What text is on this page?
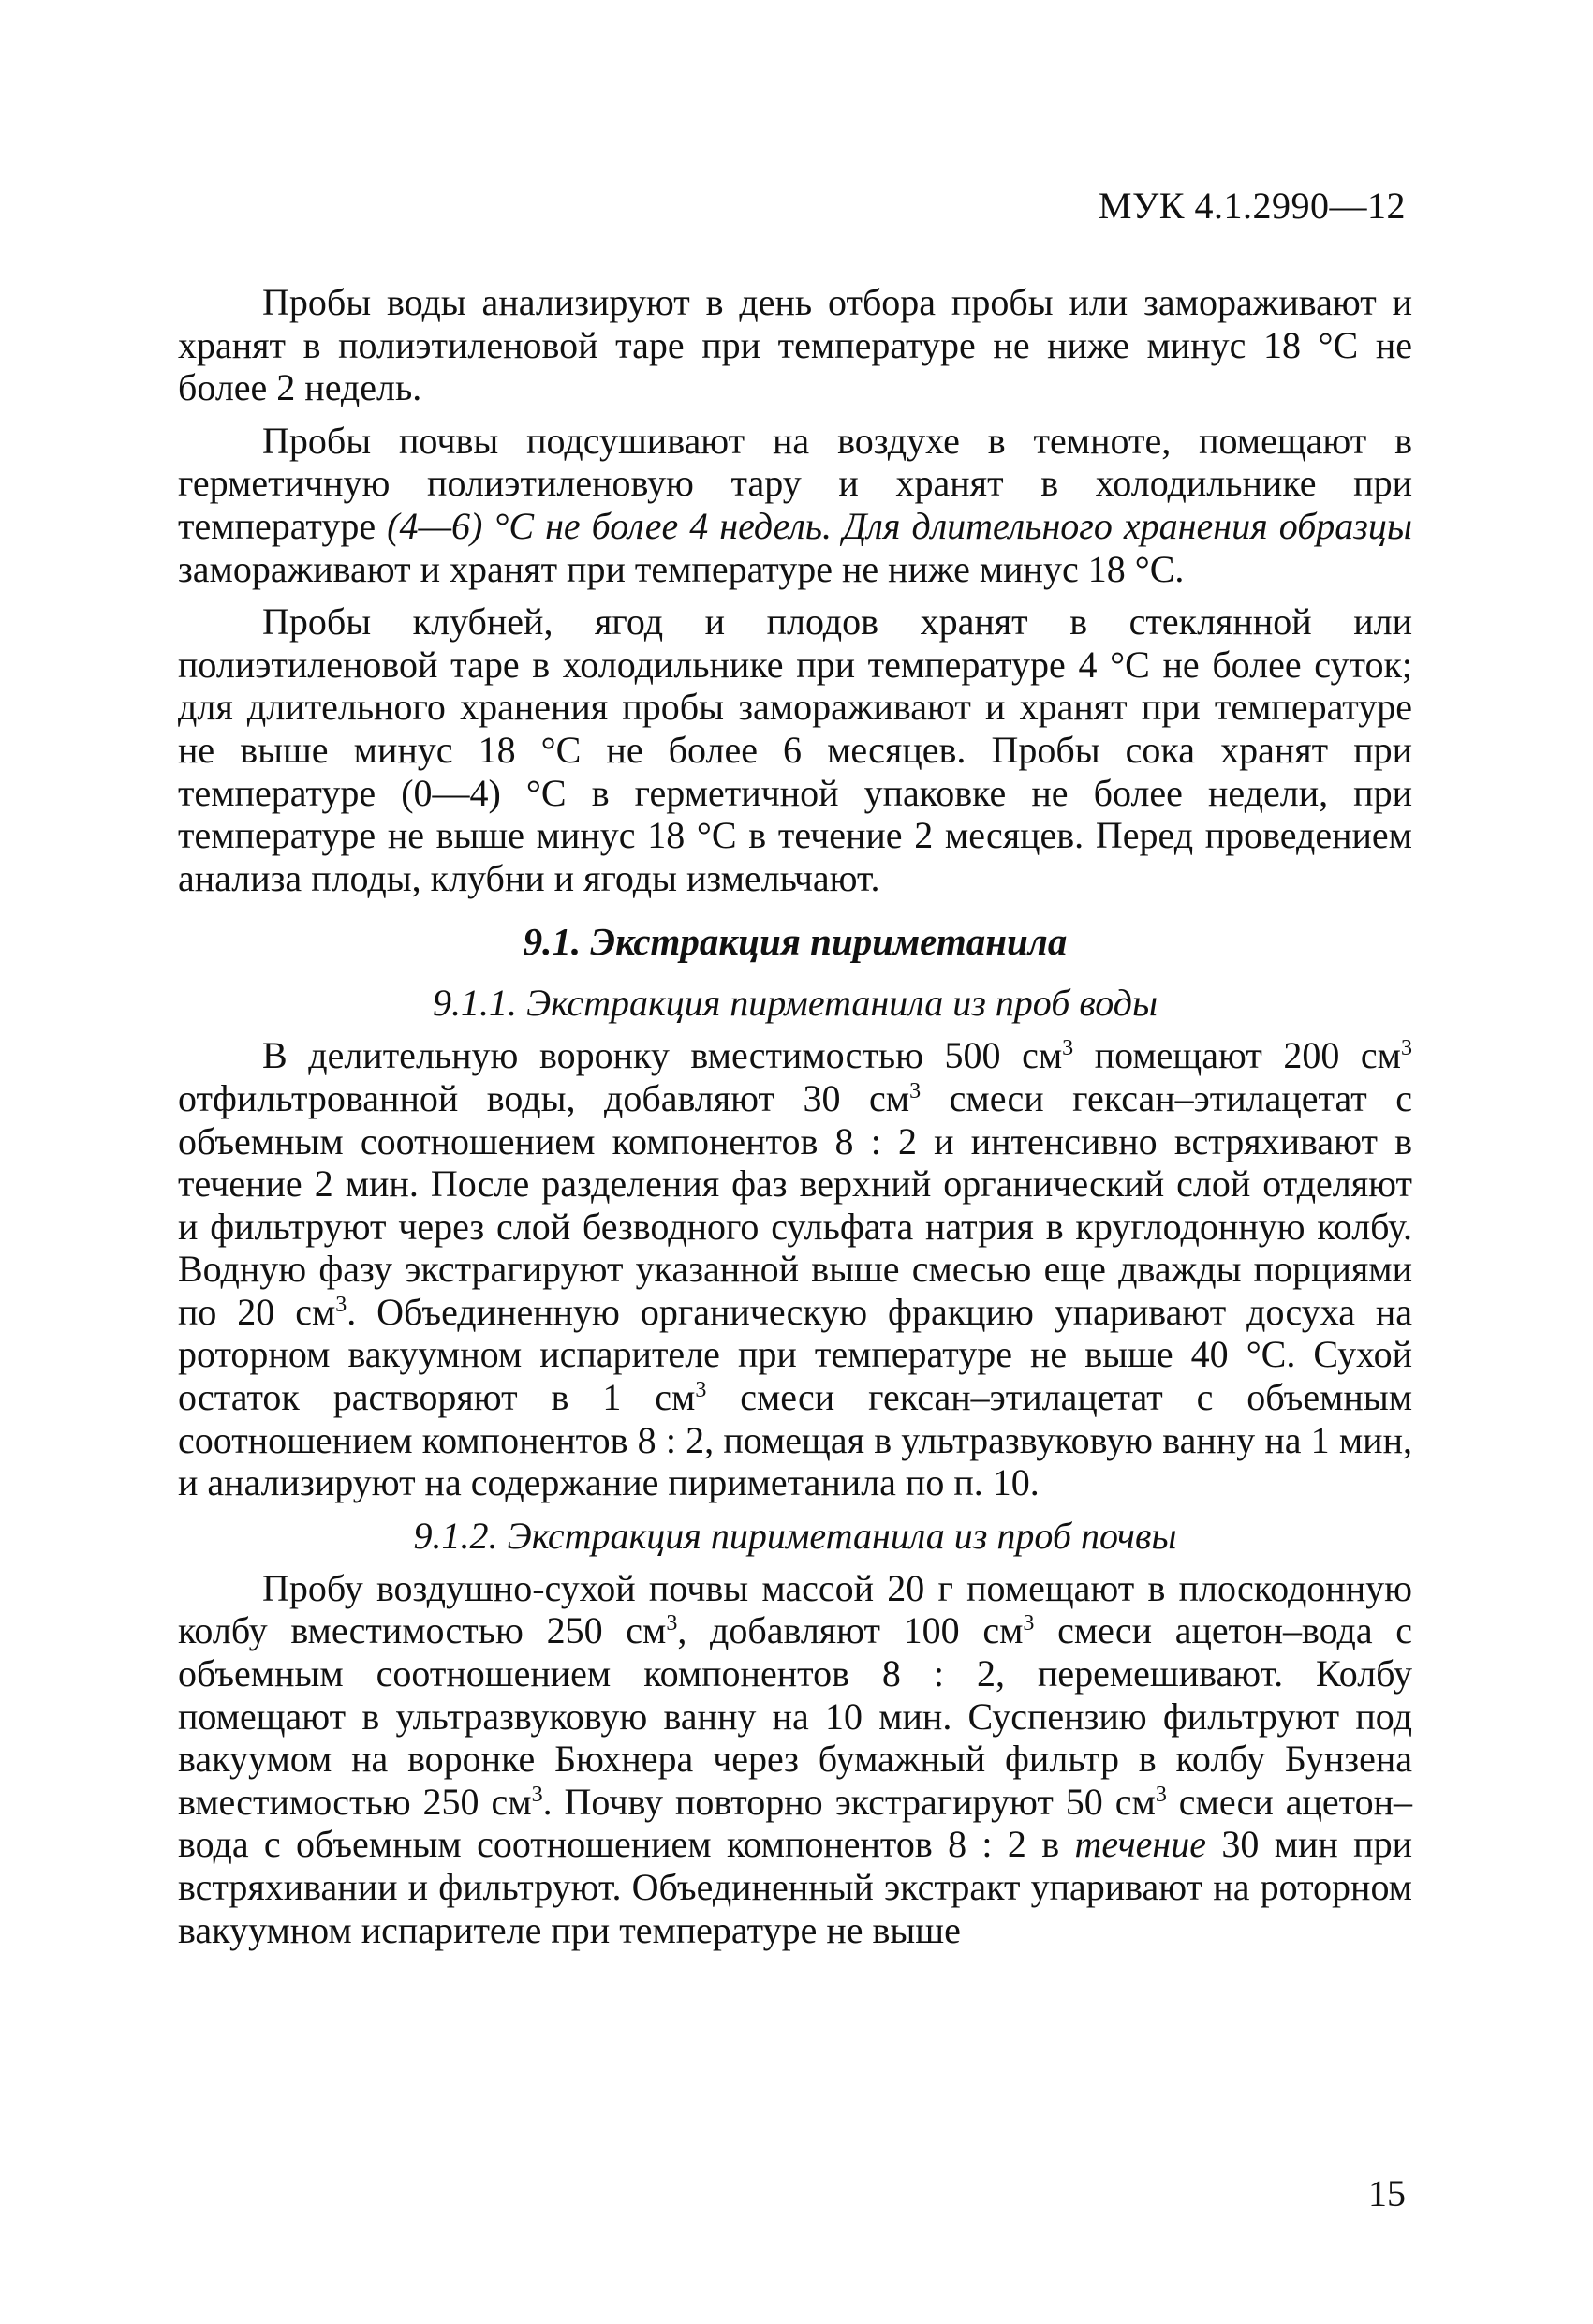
МУК 4.1.2990—12

Пробы воды анализируют в день отбора пробы или замораживают и хранят в полиэтиленовой таре при температуре не ниже минус 18 °С не более 2 недель.

Пробы почвы подсушивают на воздухе в темноте, помещают в герметичную полиэтиленовую тару и хранят в холодильнике при температуре (4—6) °С не более 4 недель. Для длительного хранения образцы замораживают и хранят при температуре не ниже минус 18 °С.

Пробы клубней, ягод и плодов хранят в стеклянной или полиэтиленовой таре в холодильнике при температуре 4 °С не более суток; для длительного хранения пробы замораживают и хранят при температуре не выше минус 18 °С не более 6 месяцев. Пробы сока хранят при температуре (0—4) °С в герметичной упаковке не более недели, при температуре не выше минус 18 °С в течение 2 месяцев. Перед проведением анализа плоды, клубни и ягоды измельчают.

9.1. Экстракция пириметанила
9.1.1. Экстракция пирметанила из проб воды

В делительную воронку вместимостью 500 $см^3$ помещают 200 $см^3$ отфильтрованной воды, добавляют 30 $см^3$ смеси гексан–этилацетат с объемным соотношением компонентов 8 : 2 и интенсивно встряхивают в течение 2 мин. После разделения фаз верхний органический слой отделяют и фильтруют через слой безводного сульфата натрия в круглодонную колбу. Водную фазу экстрагируют указанной выше смесью еще дважды порциями по 20 $см^3$. Объединенную органическую фракцию упаривают досуха на роторном вакуумном испарителе при температуре не выше 40 °С. Сухой остаток растворяют в 1 $см^3$ смеси гексан–этилацетат с объемным соотношением компонентов 8 : 2, помещая в ультразвуковую ванну на 1 мин, и анализируют на содержание пириметанила по п. 10.

9.1.2. Экстракция пириметанила из проб почвы

Пробу воздушно-сухой почвы массой 20 г помещают в плоскодонную колбу вместимостью 250 $см^3$, добавляют 100 $см^3$ смеси ацетон–вода с объемным соотношением компонентов 8 : 2, перемешивают. Колбу помещают в ультразвуковую ванну на 10 мин. Суспензию фильтруют под вакуумом на воронке Бюхнера через бумажный фильтр в колбу Бунзена вместимостью 250 $см^3$. Почву повторно экстрагируют 50 $см^3$ смеси ацетон–вода с объемным соотношением компонентов 8 : 2 в течение 30 мин при встряхивании и фильтруют. Объединенный экстракт упаривают на роторном вакуумном испарителе при температуре не выше

15
